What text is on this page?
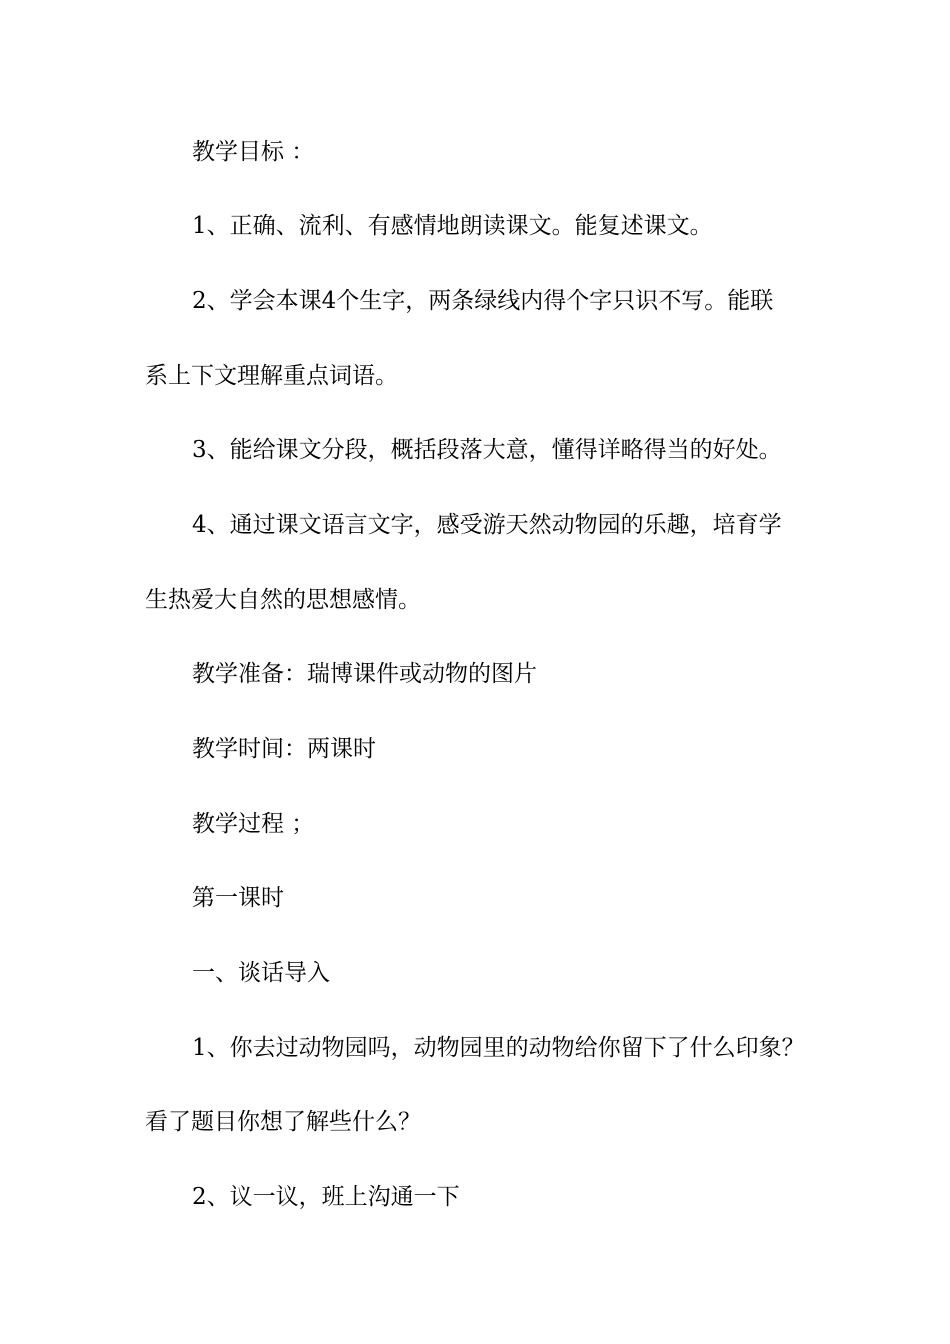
教学目标 ：
1、正确、流利、有感情地朗读课文。能复述课文。
2、学会本课4个生字，两条绿线内得个字只识不写。能联
系上下文理解重点词语。
3、能给课文分段，概括段落大意，懂得详略得当的好处。
4、通过课文语言文字，感受游天然动物园的乐趣，培育学
生热爱大自然的思想感情。
教学准备：瑞博课件或动物的图片
教学时间：两课时
教学过程 ；
第一课时
一、谈话导入
1、你去过动物园吗，动物园里的动物给你留下了什么印象？
看了题目你想了解些什么？
2、议一议，班上沟通一下
